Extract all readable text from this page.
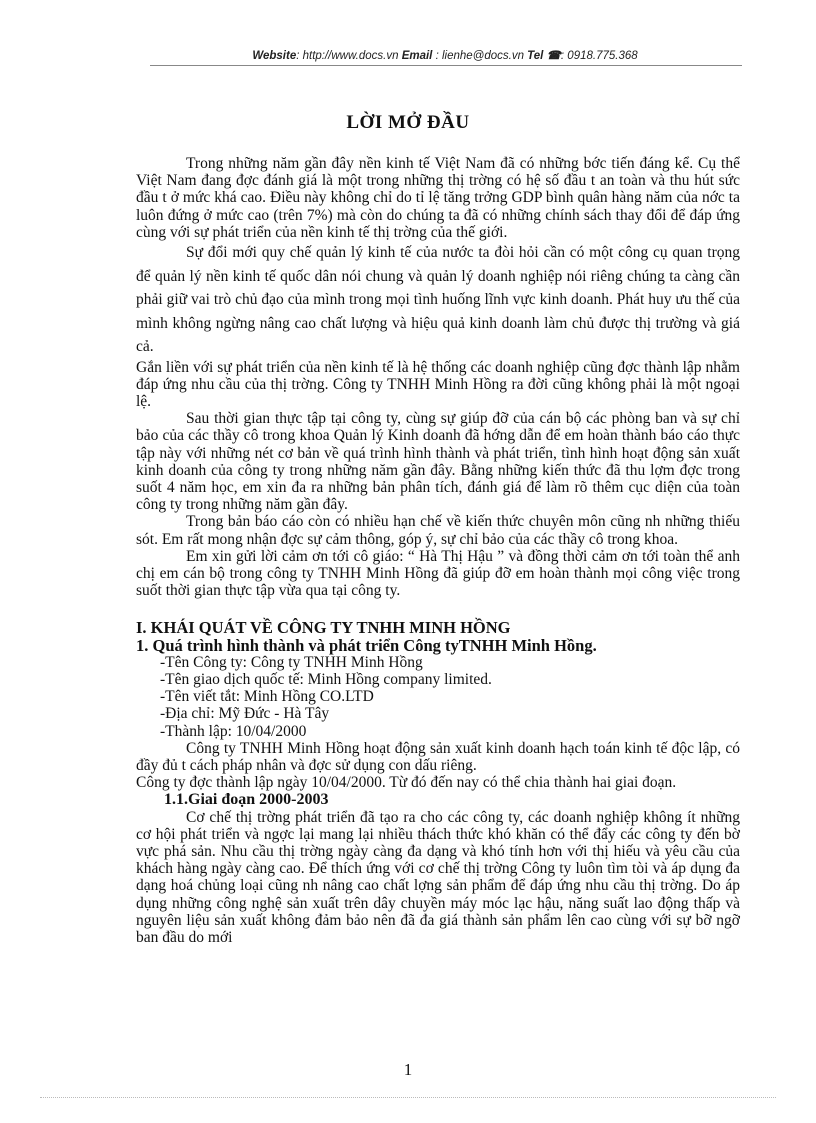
Website: http://www.docs.vn Email : lienhe@docs.vn Tel ☎: 0918.775.368
LỜI MỞ ĐẦU

Trong những năm gần đây nền kinh tế Việt Nam đã có những bớc tiến đáng kể. Cụ thể Việt Nam đang đợc đánh giá là một trong những thị trờng có hệ số đầu t an toàn và thu hút sức đầu t ở mức khá cao. Điều này không chỉ do tỉ lệ tăng trởng GDP bình quân hàng năm của nớc ta luôn đứng ở mức cao (trên 7%) mà còn do chúng ta đã có những chính sách thay đổi để đáp ứng cùng với sự phát triển của nền kinh tế thị trờng của thế giới.

Sự đổi mới quy chế quản lý kinh tế của nước ta đòi hỏi cần có một công cụ quan trọng để quản lý nền kinh tế quốc dân nói chung và quản lý doanh nghiệp nói riêng chúng ta càng cần phải giữ vai trò chủ đạo của mình trong mọi tình huống lĩnh vực kinh doanh. Phát huy ưu thế của mình không ngừng nâng cao chất lượng và hiệu quả kinh doanh làm chủ được thị trường và giá cả.

Gắn liền với sự phát triển của nền kinh tế là hệ thống các doanh nghiệp cũng đợc thành lập nhằm đáp ứng nhu cầu của thị trờng. Công ty TNHH Minh Hồng ra đời cũng không phải là một ngoại lệ.

Sau thời gian thực tập tại công ty, cùng sự giúp đỡ của cán bộ các phòng ban và sự chỉ bảo của các thầy cô trong khoa Quản lý Kinh doanh đã hớng dẫn để em hoàn thành báo cáo thực tập này với những nét cơ bản về quá trình hình thành và phát triển, tình hình hoạt động sản xuất kinh doanh của công ty trong những năm gần đây. Bằng những kiến thức đã thu lợm đợc trong suốt 4 năm học, em xin đa ra những bản phân tích, đánh giá để làm rõ thêm cục diện của toàn công ty trong những năm gần đây.

Trong bản báo cáo còn có nhiều hạn chế về kiến thức chuyên môn cũng nh những thiếu sót. Em rất mong nhận đợc sự cảm thông, góp ý, sự chỉ bảo của các thầy cô trong khoa.

Em xin gửi lời cảm ơn tới cô giáo: “ Hà Thị Hậu ” và đồng thời cảm ơn tới toàn thể anh chị em cán bộ trong công ty TNHH Minh Hồng đã giúp đỡ em hoàn thành mọi công việc trong suốt thời gian thực tập vừa qua tại công ty.

I. KHÁI QUÁT VỀ CÔNG TY TNHH MINH HỒNG

1. Quá trình hình thành và phát triển Công tyTNHH Minh Hồng.

-Tên Công ty: Công ty TNHH Minh Hồng
-Tên giao dịch quốc tế: Minh Hồng company limited.
-Tên viết tắt: Minh Hồng CO.LTD
-Địa chỉ: Mỹ Đức - Hà Tây
-Thành lập: 10/04/2000

Công ty TNHH Minh Hồng hoạt động sản xuất kinh doanh hạch toán kinh tế độc lập, có đầy đủ t cách pháp nhân và đợc sử dụng con dấu riêng.

Công ty đợc thành lập ngày 10/04/2000. Từ đó đến nay có thể chia thành hai giai đoạn.

1.1.Giai đoạn 2000-2003

Cơ chế thị trờng phát triển đã tạo ra cho các công ty, các doanh nghiệp không ít những cơ hội phát triển và ngợc lại mang lại nhiều thách thức khó khăn có thể đẩy các công ty đến bờ vực phá sản. Nhu cầu thị trờng ngày càng đa dạng và khó tính hơn với thị hiếu và yêu cầu của khách hàng ngày càng cao. Để thích ứng với cơ chế thị trờng Công ty luôn tìm tòi và áp dụng đa dạng hoá chủng loại cũng nh nâng cao chất lợng sản phẩm để đáp ứng nhu cầu thị trờng. Do áp dụng những công nghệ sản xuất trên dây chuyền máy móc lạc hậu, năng suất lao động thấp và nguyên liệu sản xuất không đảm bảo nên đã đa giá thành sản phẩm lên cao cùng với sự bỡ ngỡ ban đầu do mới

1
